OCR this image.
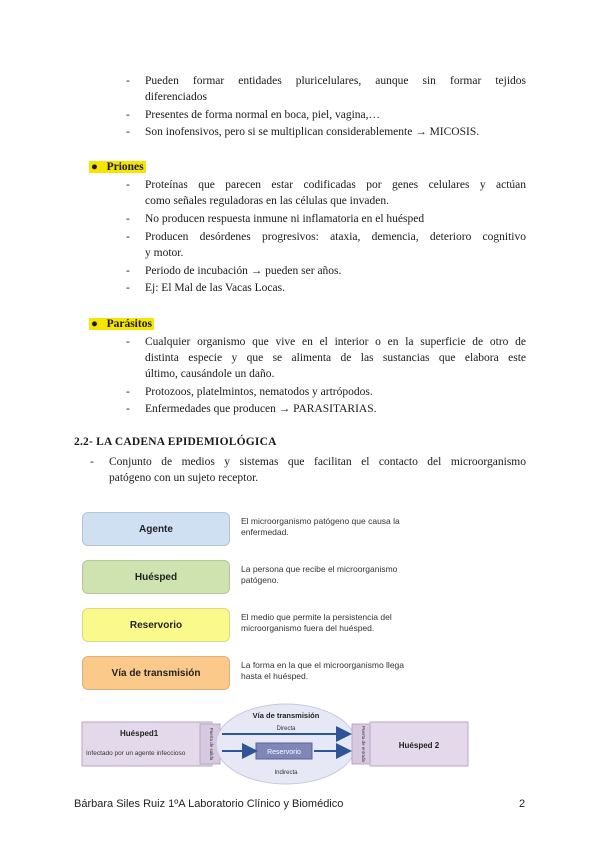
- Pueden formar entidades pluricelulares, aunque sin formar tejidos
diferenciados
- Presentes de forma normal en boca, piel, vagina,…
- Son inofensivos, pero si se multiplican considerablemente → MICOSIS.
●   Priones
- Proteínas que parecen estar codificadas por genes celulares y actúan
como señales reguladoras en las células que invaden.
- No producen respuesta inmune ni inflamatoria en el huésped
- Producen desórdenes progresivos: ataxia, demencia, deterioro cognitivo
y motor.
- Periodo de incubación → pueden ser años.
- Ej: El Mal de las Vacas Locas.
●   Parásitos
- Cualquier organismo que vive en el interior o en la superficie de otro de
distinta especie y que se alimenta de las sustancias que elabora este
último, causándole un daño.
- Protozoos, platelmintos, nematodos y artrópodos.
- Enfermedades que producen → PARASITARIAS.
2.2- LA CADENA EPIDEMIOLÓGICA
- Conjunto de medios y sistemas que facilitan el contacto del microorganismo
patógeno con un sujeto receptor.
Agente
El microorganismo patógeno que causa la enfermedad.
Huésped
La persona que recibe el microorganismo patógeno.
Reservorio
El medio que permite la persistencia del microorganismo fuera del huésped.
Vía de transmisión
La forma en la que el microorganismo llega hasta el huésped.
Huésped1
Infectado por un agente infeccioso	Puerta de salida
Vía de transmisión
Directa
Reservorio
Indirecta
Puerta de entrada	Huésped 2
Bárbara Siles Ruiz 1ºA Laboratorio Clínico y Biomédico	2
